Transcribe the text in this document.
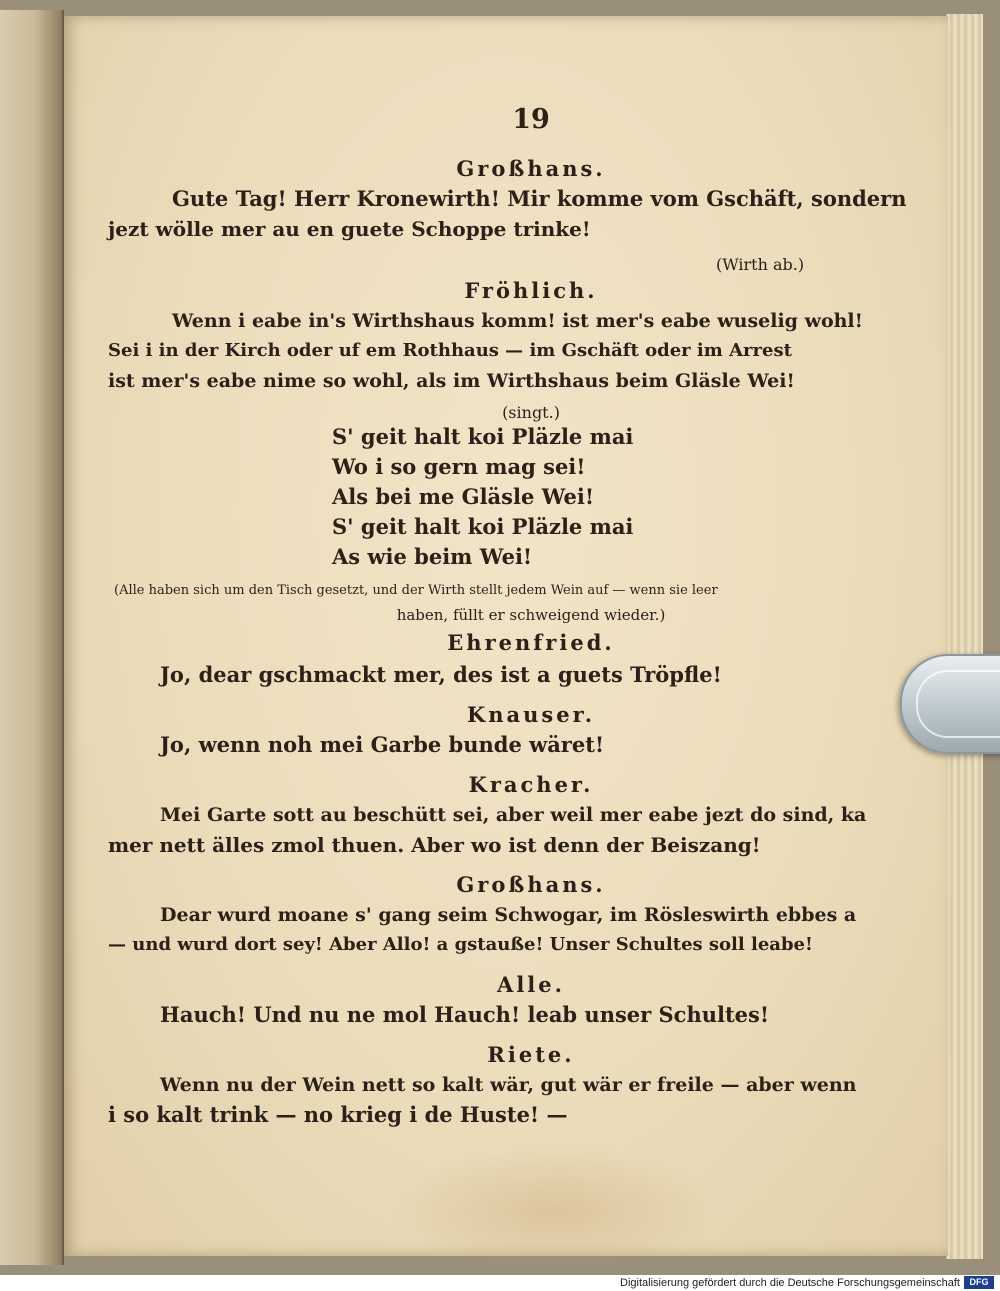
19
Großhans.
Gute Tag! Herr Kronewirth! Mir komme vom Gschäft, sondern
jezt wölle mer au en guete Schoppe trinke!
(Wirth ab.)
Fröhlich.
Wenn i eabe in's Wirthshaus komm! ist mer's eabe wuselig wohl!
Sei i in der Kirch oder uf em Rothhaus — im Gschäft oder im Arrest
ist mer's eabe nime so wohl, als im Wirthshaus beim Gläsle Wei!
(singt.)
S' geit halt koi Pläzle mai
Wo i so gern mag sei!
Als bei me Gläsle Wei!
S' geit halt koi Pläzle mai
As wie beim Wei!
(Alle haben sich um den Tisch gesetzt, und der Wirth stellt jedem Wein auf — wenn sie leer
haben, füllt er schweigend wieder.)
Ehrenfried.
Jo, dear gschmackt mer, des ist a guets Tröpfle!
Knauser.
Jo, wenn noh mei Garbe bunde wäret!
Kracher.
Mei Garte sott au beschütt sei, aber weil mer eabe jezt do sind, ka
mer nett älles zmol thuen. Aber wo ist denn der Beiszang!
Großhans.
Dear wurd moane s' gang seim Schwogar, im Rösleswirth ebbes a
— und wurd dort sey! Aber Allo! a gstauße! Unser Schultes soll leabe!
Alle.
Hauch! Und nu ne mol Hauch! leab unser Schultes!
Riete.
Wenn nu der Wein nett so kalt wär, gut wär er freile — aber wenn
i so kalt trink — no krieg i de Huste! —
Digitalisierung gefördert durch die Deutsche Forschungsgemeinschaft	DFG
